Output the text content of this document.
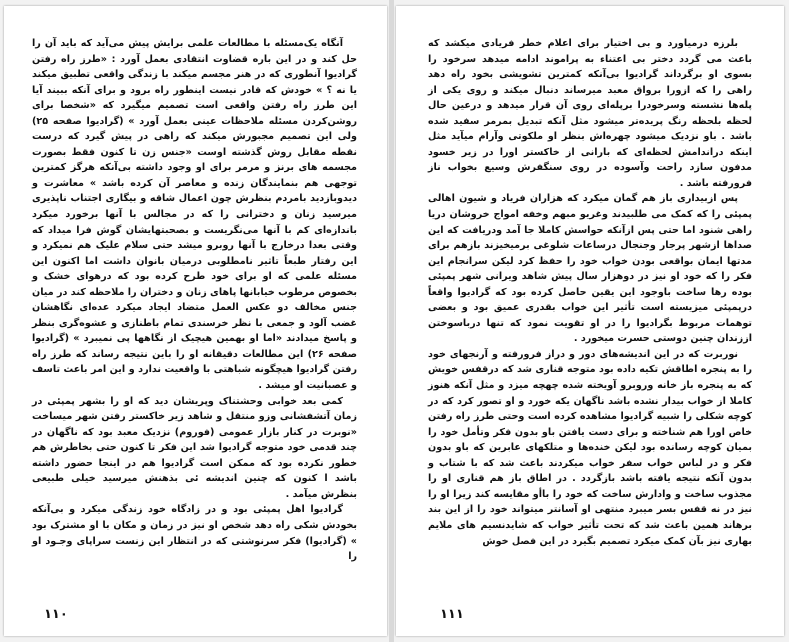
آنگاه یک‌مسئله با مطالعات علمی برایش پیش می‌آید که باید آن‌ را حل کند و در این باره قضاوت انتقادی بعمل آورد : «طرز راه رفتن گرادیوا آنطوری که در هنر مجسم میکند با زندگی واقعی تطبیق میکند یا نه ؟ » خودش که قادر نیست اینطور راه برود و برای آنکه ببیند آیا این طرز راه رفتن واقعی است تصمیم میگیرد که «شخصا برای روشن‌کردن مسئله ملاحظات عینی بعمل آورد » (گرادیوا صفحه ۲۵) ولی این تصمیم مجبورش میکند که راهی در پیش گیرد که درست نقطه مقابل روش گذشته اوست «جنس زن تا کنون فقط بصورت مجسمه های برنز و مرمر برای او وجود داشته بی‌آنکه هرگز کمترین توجهی هم بنمایندگان زنده و معاصر آن کرده باشد » معاشرت و دیدوبازدید بامردم بنظرش چون اعمال شاقه و بیگاری اجتناب ناپذیری میرسید زنان و دخترانی را که در مجالس با آنها برخورد میکرد بانداز‌ه‌ای کم با آنها می‌نگریست و بصحبتهایشان گوش فرا میداد که وقتی بعدا درخارج با آنها روبرو میشد حتی سلام علیک هم نمیکرد و این رفتار طبعاً تاثیر نامطلوبی درمیان بانوان داشت اما اکنون این مسئله علمی که او برای خود طرح کرده بود که درهوای خشک و بخصوص مرطوب خیابانها پاهای زنان و دختران را ملاحظه کند در میان جنس مخالف دو عکس العمل متضاد ایجاد میکرد عده‌ای نگاهشان غضب آلود و جمعی با نظر خرسندی تمام باطنازی و عشوه‌گری بنظر و پاسخ میدادند «اما او بهمین هیچیک از نگاهها پی نمیبرد » (گرادیوا صفحه ۲۶) این مطالعات دقیقانه او را باین نتیجه رساند که طرز راه رفتن گرادیوا هیچگونه شباهتی با واقعیت ندارد و این امر باعث تاسف و عصبانیت او میشد .

کمی بعد خوابی وحشتناک وپریشان دید که او را بشهر پمپئی در زمان آتشفشانی وزو منتقل و شاهد زیر خاکستر رفتن شهر میساخت «نوبرت در کنار بازار عمومی (فوروم) نزدیک معبد بود که ناگهان در چند قدمی خود متوجه گرادیوا شد این فکر تا کنون حتی بخاطرش هم خطور نکرده بود که ممکن است گرادیوا هم در اینجا حضور داشته باشد ا کنون که چنین اندیشه ئی بذهنش میرسید خیلی طبیعی بنظرش میآمد .

گرادیوا اهل پمپئی بود و در زادگاه خود زندگی میکرد و بی‌آنکه بخودش شکی راه دهد شخص او نیز در زمان و مکان با او مشترک بود » (گرادیوا) فکر سرنوشتی که در انتظار این زنست سراپای وجـود او را

۱۱۰

بلرزه درمیاورد و بی اختیار برای اعلام خطر فریادی میکشد که باعث می گردد دختر بی اعتناء به پراموند ادامه میدهد سرخود را بسوی او برگرداند گرادیوا بی‌آنکه کمترین تشویشی بخود راه دهد راهی را که ازورا برواق معبد میرساند دنبال میکند و روی یکی از پله‌ها نشسته وسرخودرا برپله‌ای روی آن قرار میدهد و درعین حال لحظه بلحظه رنگ پریده‌تر میشود مثل آنکه تبدیل بمرمر سفید شده باشد . باو نزدیک میشود چهره‌اش بنظر او ملکوتی وآرام میآید مثل اینکه دراندامش لحظه‌ای که بارانی از خاکستر اورا در زیر خسود مدفون سازد راحت وآسوده در روی سنگفرش وسیع بخواب ناز فرورفته باشد .

پس ازبیداری باز هم گمان میکرد که هزاران فریاد و شیون اهالی پمپئی را که کمک می طلبیدند وغریو مبهم وخفه امواج خروشان دریا راهی شنود اما حتی پس ازآنکه حواسش کاملا جا آمد ودریافت که این صداها ازشهر پرجار وجنجال درساعات شلوغی برمیخیزند بازهم برای مدتها ایمان بواقعی بودن خواب خود را حفظ کرد لیکن سرانجام این فکر را که خود او نیز در دوهزار سال پیش شاهد ویرانی شهر پمپئی بوده رها ساخت باوجود این یقین حاصل کرده بود که گرادیوا واقعاً درپمپئی میزیسته است تأثیر این خواب بقدری عمیق بود و بعضی توهمات مربوط بگرادیوا را در او تقویت نمود که تنها درباسوختن اززندان چنین دوستی حسرت میخورد .

نوربرت که در این اندیشه‌های دور و دراز فرورفته و آرنجهای خود را به پنجره اطاقش تکیه داده بود متوجه قناری شد که درقفس خویش که به پنجره باز خانه وروبرو آویخته شده چهچه میزد و مثل آنکه هنوز کاملا از خواب بیدار نشده باشد ناگهان یکه خورد و او تصور کرد که در کوچه شکلی را شبیه گرادیوا مشاهده کرده است وحتی طرز راه رفتن خاص اورا هم شناخته و برای دست یافتن باو بدون فکر وتأمل خود را بمیان کوچه رسانده بود لیکن خنده‌ها و متلکهای عابرین که باو بدون فکر و در لباس خواب سفر خواب میکردند باعث شد که با شتاب و بدون آنکه نتیجه یافته باشد بازگردد . در اطاق باز هم قناری او را مجذوب ساخت و وادارش ساخت که خود را باأو مقایسه کند زیرا او را نیز در نه قفس بسر میبرد منتهی او آسانتر میتواند خود را از این بند برهاند همین باعث شد که تحت تأثیر خواب که شایدنسیم های ملایم بهاری نیز بآن کمک میکرد تصمیم بگیرد در این فصل خوش

۱۱۱
